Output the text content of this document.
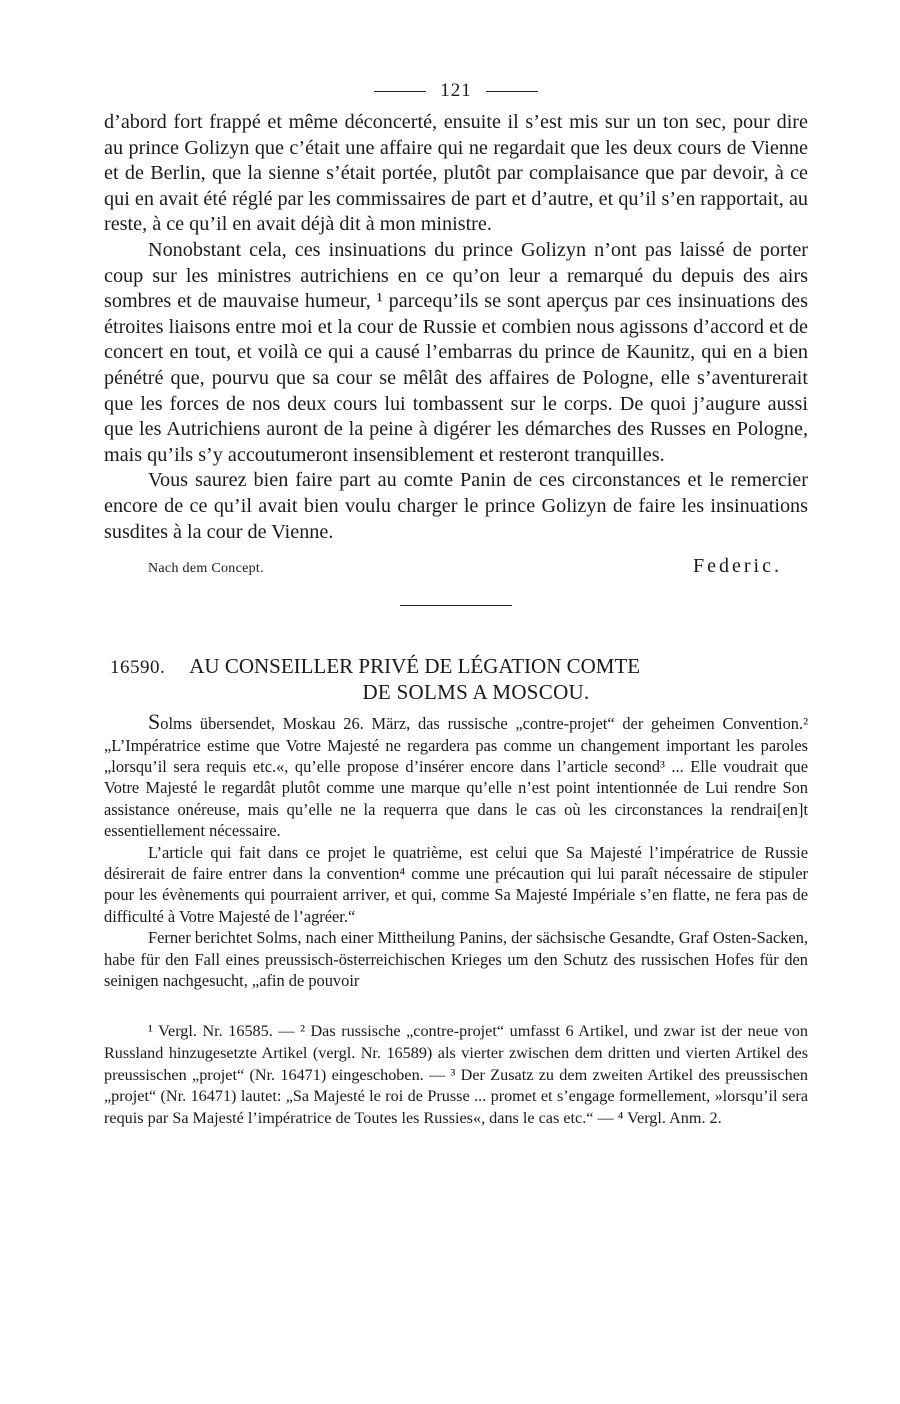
121

d’abord fort frappé et même déconcerté, ensuite il s’est mis sur un ton sec, pour dire au prince Golizyn que c’était une affaire qui ne regardait que les deux cours de Vienne et de Berlin, que la sienne s’était portée, plutôt par complaisance que par devoir, à ce qui en avait été réglé par les commissaires de part et d’autre, et qu’il s’en rapportait, au reste, à ce qu’il en avait déjà dit à mon ministre.

Nonobstant cela, ces insinuations du prince Golizyn n’ont pas laissé de porter coup sur les ministres autrichiens en ce qu’on leur a remarqué du depuis des airs sombres et de mauvaise humeur, ¹ parcequ’ils se sont aperçus par ces insinuations des étroites liaisons entre moi et la cour de Russie et combien nous agissons d’accord et de concert en tout, et voilà ce qui a causé l’embarras du prince de Kaunitz, qui en a bien pénétré que, pourvu que sa cour se mêlât des affaires de Pologne, elle s’aventurerait que les forces de nos deux cours lui tombassent sur le corps. De quoi j’augure aussi que les Autrichiens auront de la peine à digérer les démarches des Russes en Pologne, mais qu’ils s’y accoutumeront insensiblement et resteront tranquilles.

Vous saurez bien faire part au comte Panin de ces circonstances et le remercier encore de ce qu’il avait bien voulu charger le prince Golizyn de faire les insinuations susdites à la cour de Vienne.

Nach dem Concept.	Federic.
16590. AU CONSEILLER PRIVÉ DE LÉGATION COMTE
DE SOLMS A MOSCOU.

Solms übersendet, Moskau 26. März, das russische „contre-projet“ der geheimen Convention.² „L’Impératrice estime que Votre Majesté ne regardera pas comme un changement important les paroles „lorsqu’il sera requis etc.«, qu’elle propose d’insérer encore dans l’article second³ ... Elle voudrait que Votre Majesté le regardât plutôt comme une marque qu’elle n’est point intentionnée de Lui rendre Son assistance onéreuse, mais qu’elle ne la requerra que dans le cas où les circonstances la rendrai[en]t essentiellement nécessaire.

L’article qui fait dans ce projet le quatrième, est celui que Sa Majesté l’impératrice de Russie désirerait de faire entrer dans la convention⁴ comme une précaution qui lui paraît nécessaire de stipuler pour les évènements qui pourraient arriver, et qui, comme Sa Majesté Impériale s’en flatte, ne fera pas de difficulté à Votre Majesté de l’agréer.“

Ferner berichtet Solms, nach einer Mittheilung Panins, der sächsische Gesandte, Graf Osten-Sacken, habe für den Fall eines preussisch-österreichischen Krieges um den Schutz des russischen Hofes für den seinigen nachgesucht, „afin de pouvoir

¹ Vergl. Nr. 16585. — ² Das russische „contre-projet“ umfasst 6 Artikel, und zwar ist der neue von Russland hinzugesetzte Artikel (vergl. Nr. 16589) als vierter zwischen dem dritten und vierten Artikel des preussischen „projet“ (Nr. 16471) eingeschoben. — ³ Der Zusatz zu dem zweiten Artikel des preussischen „projet“ (Nr. 16471) lautet: „Sa Majesté le roi de Prusse ... promet et s’engage formellement, »lorsqu’il sera requis par Sa Majesté l’impératrice de Toutes les Russies«, dans le cas etc.“ — ⁴ Vergl. Anm. 2.
